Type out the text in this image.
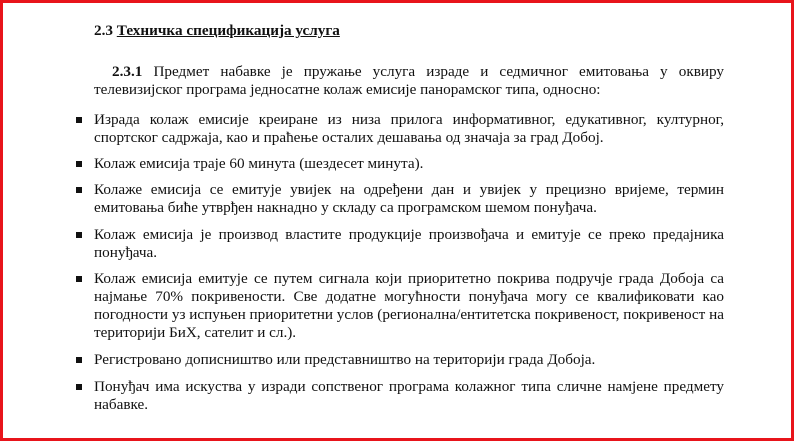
2.3 Техничка спецификација услуга
2.3.1 Предмет набавке је пружање услуга израде и седмичног емитовања у оквиру телевизијског програма једносатне колаж емисије панорамског типа, односно:
Израда колаж емисије креиране из низа прилога информативног, едукативног, културног, спортског садржаја, као и праћење осталих дешавања од значаја за град Добој.
Колаж емисија траје 60 минута (шездесет минута).
Колаже емисија се емитује увијек на одређени дан и увијек у прецизно вријеме, термин емитовања биће утврђен накнадно у складу са програмском шемом понуђача.
Колаж емисија је производ властите продукције произвођача и емитује се преко предајника понуђача.
Колаж емисија емитује се путем сигнала који приоритетно покрива подручје града Добоја са најмање 70% покривености. Све додатне могућности понуђача могу се квалификовати као погодности уз испуњен приоритетни услов (регионална/ентитетска покривеност, покривеност на територији БиХ, сателит и сл.).
Регистровано дописништво или представништво на територији града Добоја.
Понуђач има искуства у изради сопственог програма колажног типа сличне намјене предмету набавке.
